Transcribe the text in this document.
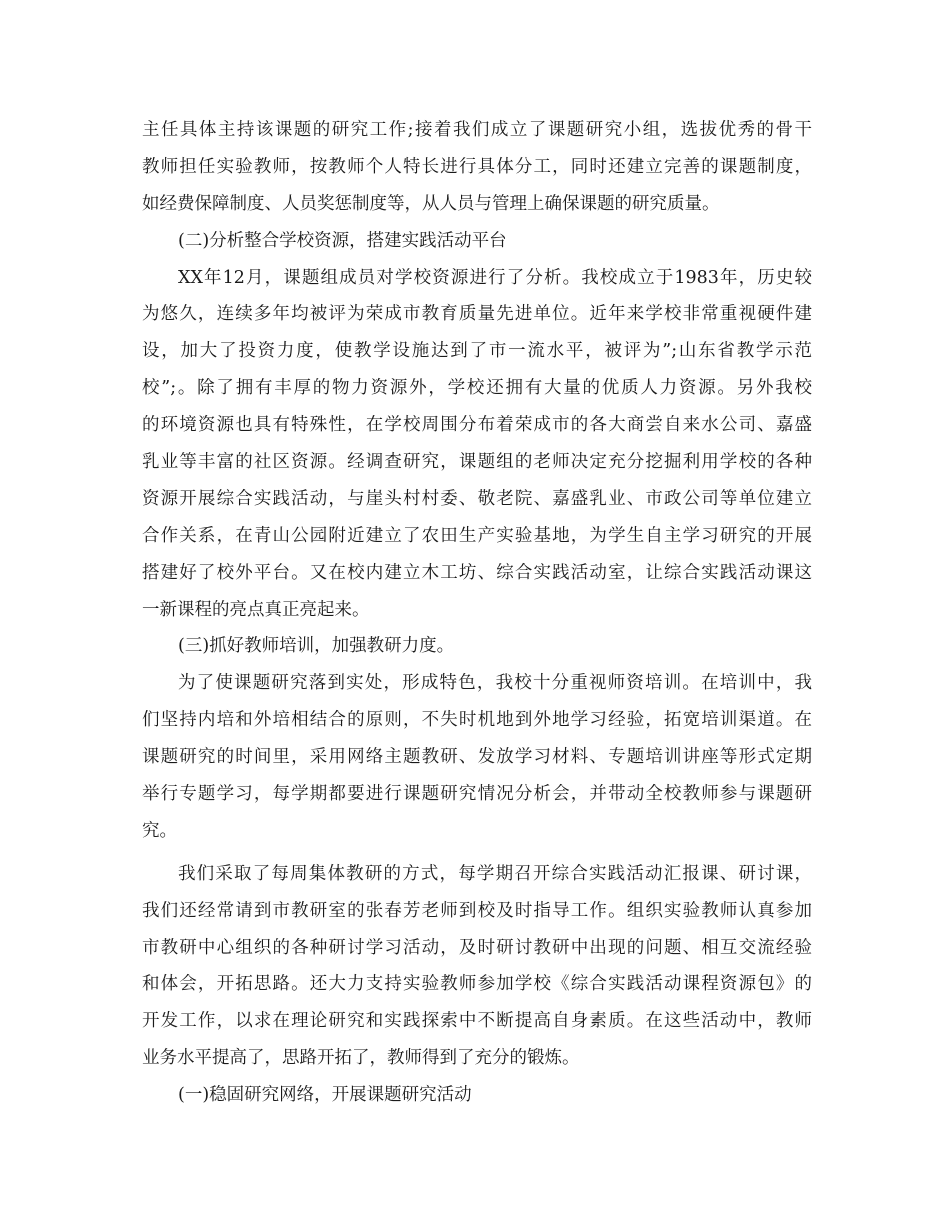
主任具体主持该课题的研究工作;接着我们成立了课题研究小组，选拔优秀的骨干
教师担任实验教师，按教师个人特长进行具体分工，同时还建立完善的课题制度，
如经费保障制度、人员奖惩制度等，从人员与管理上确保课题的研究质量。
(二)分析整合学校资源，搭建实践活动平台
XX年12月，课题组成员对学校资源进行了分析。我校成立于1983年，历史较
为悠久，连续多年均被评为荣成市教育质量先进单位。近年来学校非常重视硬件建
设，加大了投资力度，使教学设施达到了市一流水平，被评为”;山东省教学示范
校”;。除了拥有丰厚的物力资源外，学校还拥有大量的优质人力资源。另外我校
的环境资源也具有特殊性，在学校周围分布着荣成市的各大商尝自来水公司、嘉盛
乳业等丰富的社区资源。经调查研究，课题组的老师决定充分挖掘利用学校的各种
资源开展综合实践活动，与崖头村村委、敬老院、嘉盛乳业、市政公司等单位建立
合作关系，在青山公园附近建立了农田生产实验基地，为学生自主学习研究的开展
搭建好了校外平台。又在校内建立木工坊、综合实践活动室，让综合实践活动课这
一新课程的亮点真正亮起来。
(三)抓好教师培训，加强教研力度。
为了使课题研究落到实处，形成特色，我校十分重视师资培训。在培训中，我
们坚持内培和外培相结合的原则，不失时机地到外地学习经验，拓宽培训渠道。在
课题研究的时间里，采用网络主题教研、发放学习材料、专题培训讲座等形式定期
举行专题学习，每学期都要进行课题研究情况分析会，并带动全校教师参与课题研
究。
我们采取了每周集体教研的方式，每学期召开综合实践活动汇报课、研讨课，
我们还经常请到市教研室的张春芳老师到校及时指导工作。组织实验教师认真参加
市教研中心组织的各种研讨学习活动，及时研讨教研中出现的问题、相互交流经验
和体会，开拓思路。还大力支持实验教师参加学校《综合实践活动课程资源包》的
开发工作，以求在理论研究和实践探索中不断提高自身素质。在这些活动中，教师
业务水平提高了，思路开拓了，教师得到了充分的锻炼。
(一)稳固研究网络，开展课题研究活动
